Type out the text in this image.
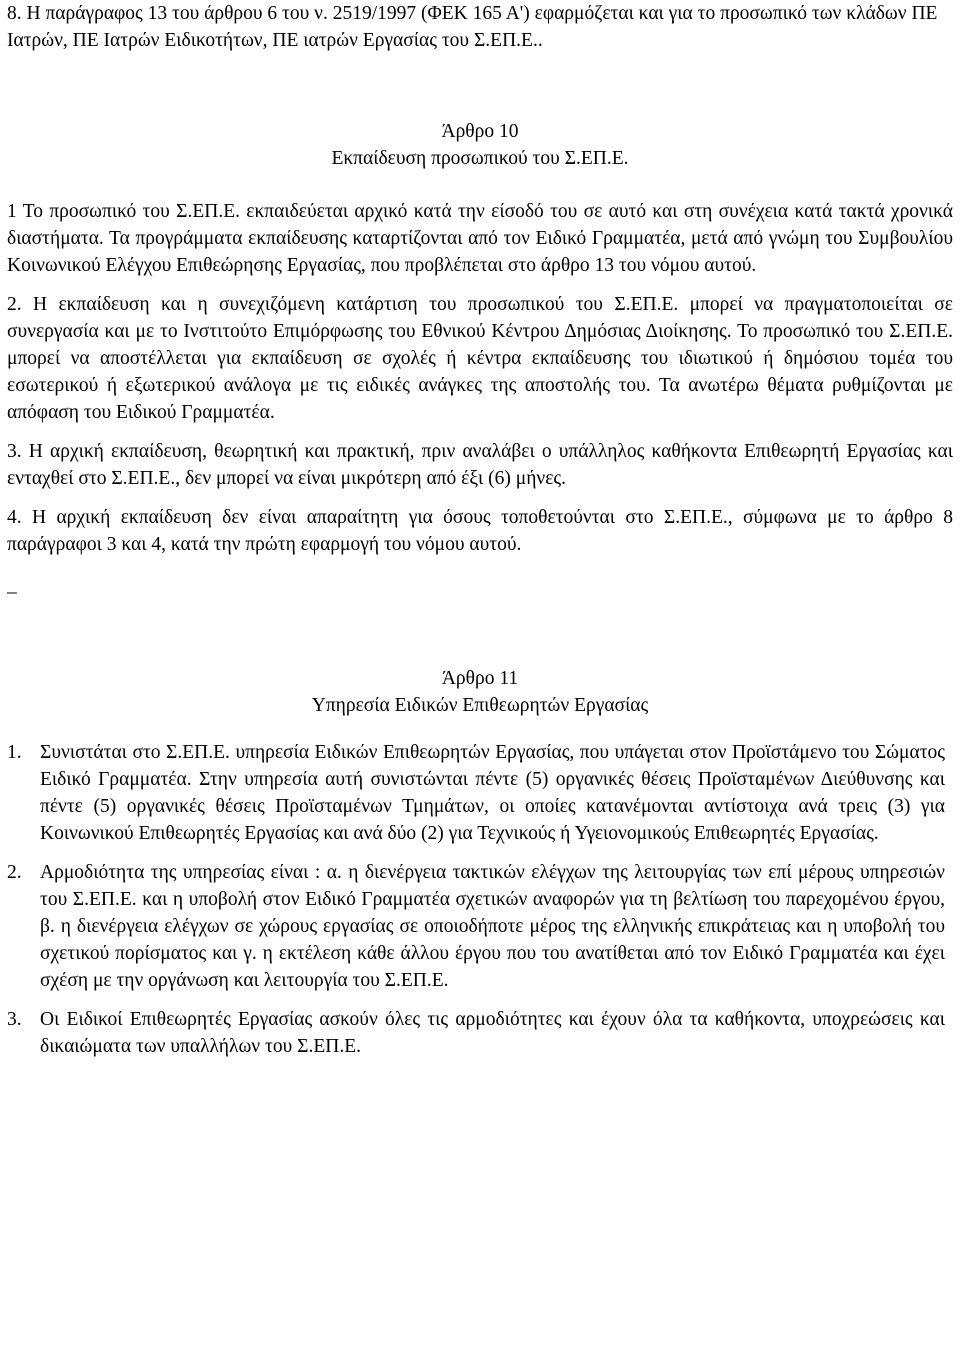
8. Η παράγραφος 13 του άρθρου 6 του ν. 2519/1997 (ΦΕΚ 165 Α') εφαρμόζεται και για το προσωπικό των κλάδων ΠΕ Ιατρών, ΠΕ Ιατρών Ειδικοτήτων, ΠΕ ιατρών Εργασίας του Σ.ΕΠ.Ε..

Άρθρο 10

Εκπαίδευση προσωπικού του Σ.ΕΠ.Ε.

1 Το προσωπικό του Σ.ΕΠ.Ε. εκπαιδεύεται αρχικό κατά την είσοδό του σε αυτό και στη συνέχεια κατά τακτά χρονικά διαστήματα. Τα προγράμματα εκπαίδευσης καταρτίζονται από τον Ειδικό Γραμματέα, μετά από γνώμη του Συμβουλίου Κοινωνικού Ελέγχου Επιθεώρησης Εργασίας, που προβλέπεται στο άρθρο 13 του νόμου αυτού.

2. Η εκπαίδευση και η συνεχιζόμενη κατάρτιση του προσωπικού του Σ.ΕΠ.Ε. μπορεί να πραγματοποιείται σε συνεργασία και με το Ινστιτούτο Επιμόρφωσης του Εθνικού Κέντρου Δημόσιας Διοίκησης. Το προσωπικό του Σ.ΕΠ.Ε. μπορεί να αποστέλλεται για εκπαίδευση σε σχολές ή κέντρα εκπαίδευσης του ιδιωτικού ή δημόσιου τομέα του εσωτερικού ή εξωτερικού ανάλογα με τις ειδικές ανάγκες της αποστολής του. Τα ανωτέρω θέματα ρυθμίζονται με απόφαση του Ειδικού Γραμματέα.

3. Η αρχική εκπαίδευση, θεωρητική και πρακτική, πριν αναλάβει ο υπάλληλος καθήκοντα Επιθεωρητή Εργασίας και ενταχθεί στο Σ.ΕΠ.Ε., δεν μπορεί να είναι μικρότερη από έξι (6) μήνες.

4. Η αρχική εκπαίδευση δεν είναι απαραίτητη για όσους τοποθετούνται στο Σ.ΕΠ.Ε., σύμφωνα με το άρθρο 8 παράγραφοι 3 και 4, κατά την πρώτη εφαρμογή του νόμου αυτού.

_

Άρθρο 11

Υπηρεσία Ειδικών Επιθεωρητών Εργασίας

1. Συνιστάται στο Σ.ΕΠ.Ε. υπηρεσία Ειδικών Επιθεωρητών Εργασίας, που υπάγεται στον Προϊστάμενο του Σώματος Ειδικό Γραμματέα. Στην υπηρεσία αυτή συνιστώνται πέντε (5) οργανικές θέσεις Προϊσταμένων Διεύθυνσης και πέντε (5) οργανικές θέσεις Προϊσταμένων Τμημάτων, οι οποίες κατανέμονται αντίστοιχα ανά τρεις (3) για Κοινωνικού Επιθεωρητές Εργασίας και ανά δύο (2) για Τεχνικούς ή Υγειονομικούς Επιθεωρητές Εργασίας.
2. Αρμοδιότητα της υπηρεσίας είναι : α. η διενέργεια τακτικών ελέγχων της λειτουργίας των επί μέρους υπηρεσιών του Σ.ΕΠ.Ε. και η υποβολή στον Ειδικό Γραμματέα σχετικών αναφορών για τη βελτίωση του παρεχομένου έργου, β. η διενέργεια ελέγχων σε χώρους εργασίας σε οποιοδήποτε μέρος της ελληνικής επικράτειας και η υποβολή του σχετικού πορίσματος και γ. η εκτέλεση κάθε άλλου έργου που του ανατίθεται από τον Ειδικό Γραμματέα και έχει σχέση με την οργάνωση και λειτουργία του Σ.ΕΠ.Ε.
3. Οι Ειδικοί Επιθεωρητές Εργασίας ασκούν όλες τις αρμοδιότητες και έχουν όλα τα καθήκοντα, υποχρεώσεις και δικαιώματα των υπαλλήλων του Σ.ΕΠ.Ε.
